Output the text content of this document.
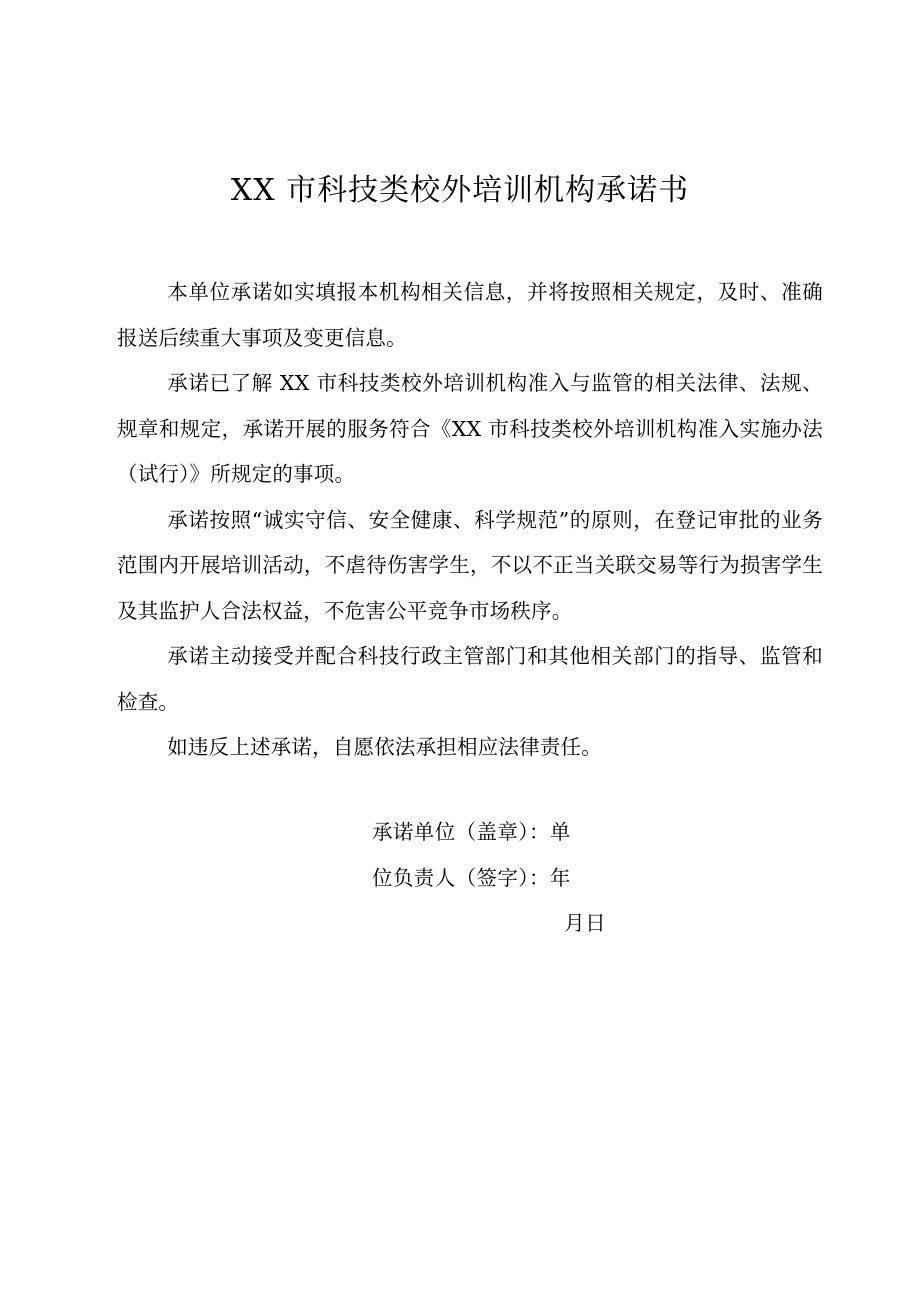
XX 市科技类校外培训机构承诺书

本单位承诺如实填报本机构相关信息，并将按照相关规定，及时、准确报送后续重大事项及变更信息。

承诺已了解 XX 市科技类校外培训机构准入与监管的相关法律、法规、规章和规定，承诺开展的服务符合《XX 市科技类校外培训机构准入实施办法（试行）》所规定的事项。

承诺按照“诚实守信、安全健康、科学规范”的原则，在登记审批的业务范围内开展培训活动，不虐待伤害学生，不以不正当关联交易等行为损害学生及其监护人合法权益，不危害公平竞争市场秩序。

承诺主动接受并配合科技行政主管部门和其他相关部门的指导、监管和检查。

如违反上述承诺，自愿依法承担相应法律责任。

承诺单位（盖章）：单
位负责人（签字）：年
月日
